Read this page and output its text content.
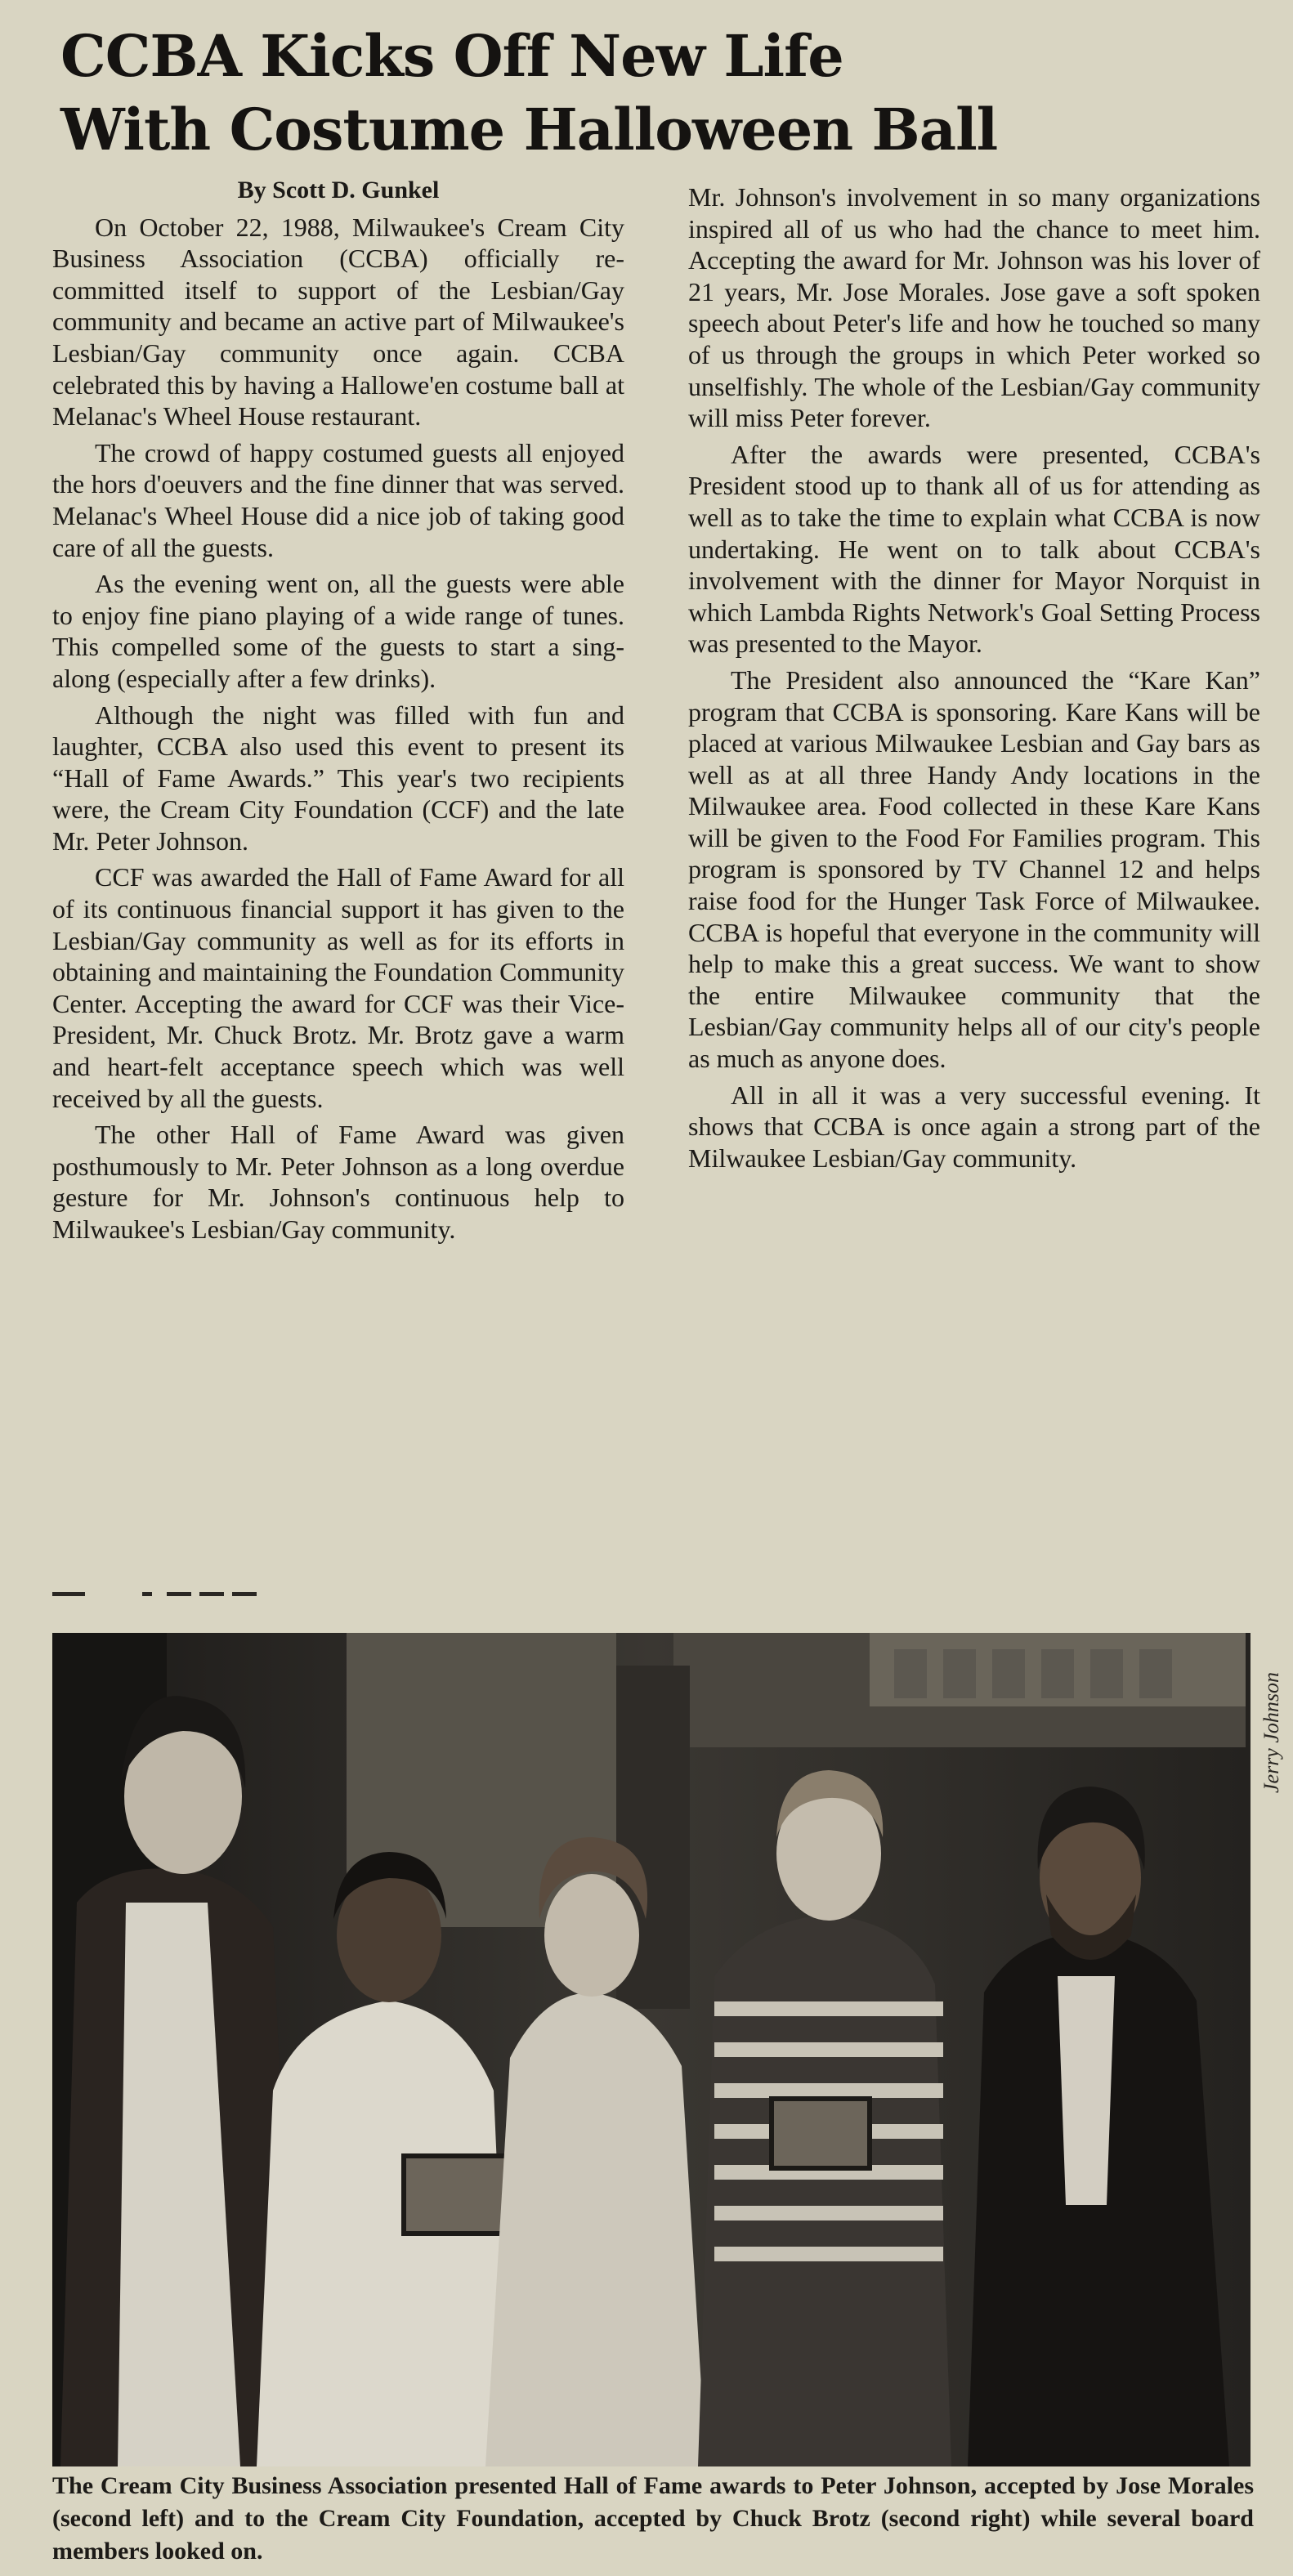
CCBA Kicks Off New Life
With Costume Halloween Ball
By Scott D. Gunkel

On October 22, 1988, Milwaukee's Cream City Business Association (CCBA) officially re- committed itself to support of the Lesbian/Gay community and became an active part of Milwaukee's Lesbian/Gay community once again. CCBA celebrated this by having a Hallowe'en costume ball at Melanac's Wheel House restaurant.

The crowd of happy costumed guests all enjoyed the hors d'oeuvers and the fine dinner that was served. Melanac's Wheel House did a nice job of taking good care of all the guests.

As the evening went on, all the guests were able to enjoy fine piano playing of a wide range of tunes. This compelled some of the guests to start a sing-along (especially after a few drinks).

Although the night was filled with fun and laughter, CCBA also used this event to present its “Hall of Fame Awards.” This year's two recipients were, the Cream City Foundation (CCF) and the late Mr. Peter Johnson.

CCF was awarded the Hall of Fame Award for all of its continuous financial support it has given to the Lesbian/Gay community as well as for its efforts in obtaining and maintaining the Foundation Community Center. Accepting the award for CCF was their Vice-President, Mr. Chuck Brotz. Mr. Brotz gave a warm and heart-felt acceptance speech which was well received by all the guests.

The other Hall of Fame Award was given posthumously to Mr. Peter Johnson as a long overdue gesture for Mr. Johnson's continuous help to Milwaukee's Lesbian/Gay community.

Mr. Johnson's involvement in so many organizations inspired all of us who had the chance to meet him. Accepting the award for Mr. Johnson was his lover of 21 years, Mr. Jose Morales. Jose gave a soft spoken speech about Peter's life and how he touched so many of us through the groups in which Peter worked so unselfishly. The whole of the Lesbian/Gay community will miss Peter forever.

After the awards were presented, CCBA's President stood up to thank all of us for attending as well as to take the time to explain what CCBA is now undertaking. He went on to talk about CCBA's involvement with the dinner for Mayor Norquist in which Lambda Rights Network's Goal Setting Process was presented to the Mayor.

The President also announced the “Kare Kan” program that CCBA is sponsoring. Kare Kans will be placed at various Milwaukee Lesbian and Gay bars as well as at all three Handy Andy locations in the Milwaukee area. Food collected in these Kare Kans will be given to the Food For Families program. This program is sponsored by TV Channel 12 and helps raise food for the Hunger Task Force of Milwaukee. CCBA is hopeful that everyone in the community will help to make this a great success. We want to show the entire Milwaukee community that the Lesbian/Gay community helps all of our city's people as much as anyone does.

All in all it was a very successful evening. It shows that CCBA is once again a strong part of the Milwaukee Lesbian/Gay community.

Jerry Johnson
The Cream City Business Association presented Hall of Fame awards to Peter Johnson, accepted by Jose Morales (second left) and to the Cream City Foundation, accepted by Chuck Brotz (second right) while several board members looked on.
